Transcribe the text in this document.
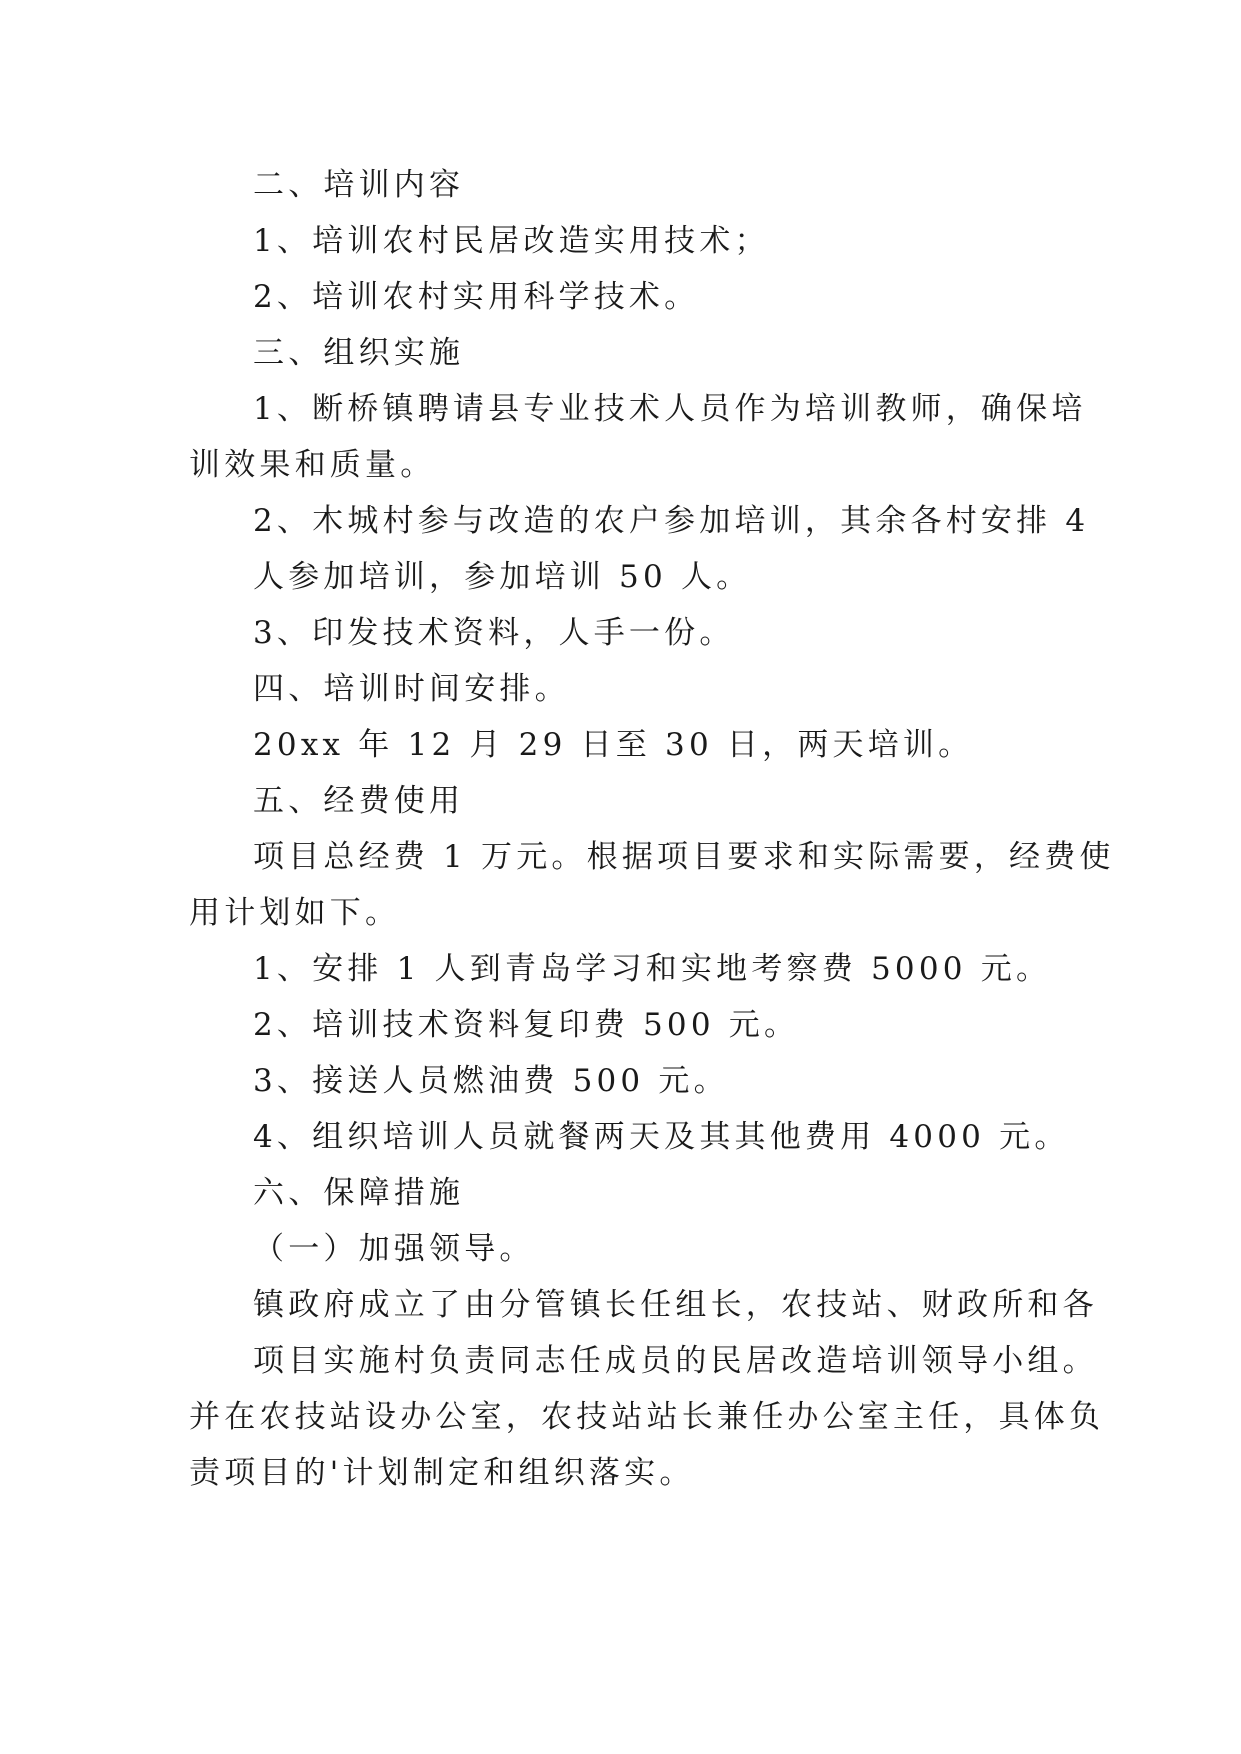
二、培训内容
1、培训农村民居改造实用技术；
2、培训农村实用科学技术。
三、组织实施
1、断桥镇聘请县专业技术人员作为培训教师，确保培
训效果和质量。
2、木城村参与改造的农户参加培训，其余各村安排 4
人参加培训，参加培训 50 人。
3、印发技术资料，人手一份。
四、培训时间安排。
20xx 年 12 月 29 日至 30 日，两天培训。
五、经费使用
项目总经费 1 万元。根据项目要求和实际需要，经费使
用计划如下。
1、安排 1 人到青岛学习和实地考察费 5000 元。
2、培训技术资料复印费 500 元。
3、接送人员燃油费 500 元。
4、组织培训人员就餐两天及其其他费用 4000 元。
六、保障措施
（一）加强领导。
镇政府成立了由分管镇长任组长，农技站、财政所和各
项目实施村负责同志任成员的民居改造培训领导小组。
并在农技站设办公室，农技站站长兼任办公室主任，具体负
责项目的'计划制定和组织落实。
